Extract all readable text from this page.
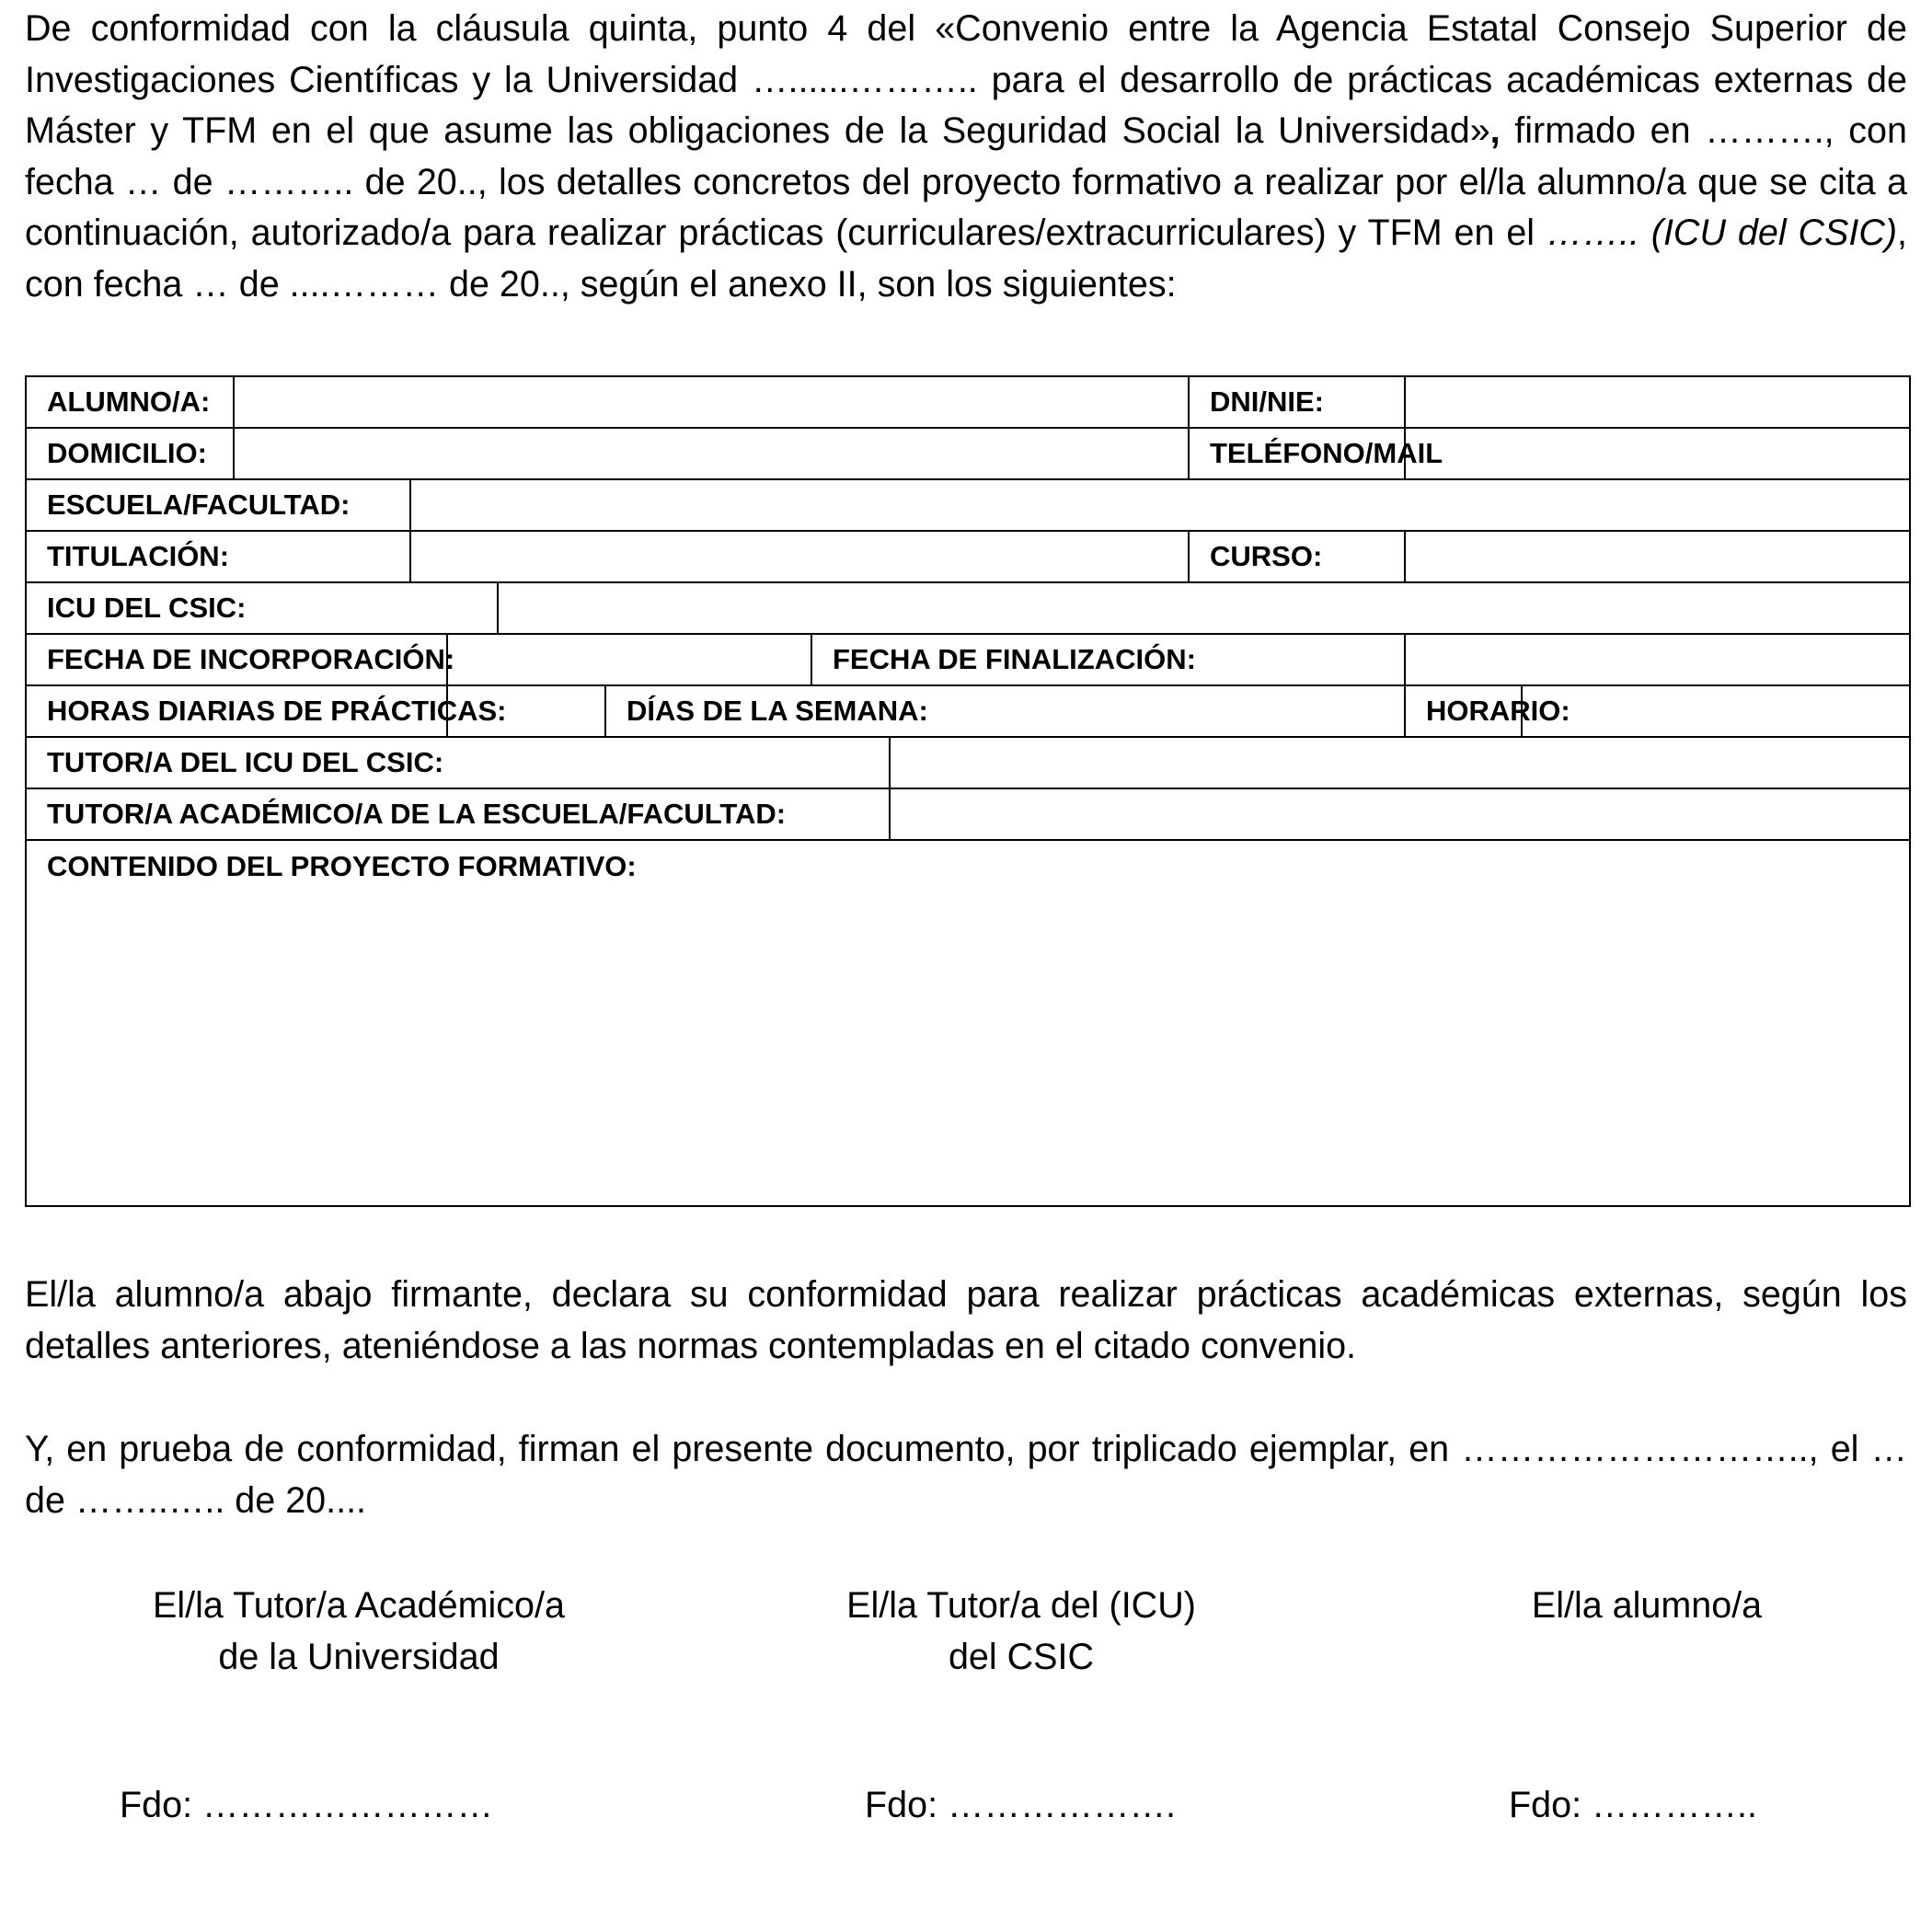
De conformidad con la cláusula quinta, punto 4 del «Convenio entre la Agencia Estatal Consejo Superior de Investigaciones Científicas y la Universidad …......……….. para el desarrollo de prácticas académicas externas de Máster y TFM en el que asume las obligaciones de la Seguridad Social la Universidad», firmado en ………., con fecha … de ……….. de 20.., los detalles concretos del proyecto formativo a realizar por el/la alumno/a que se cita a continuación, autorizado/a para realizar prácticas (curriculares/extracurriculares) y TFM en el …….. (ICU del CSIC), con fecha … de ....……… de 20.., según el anexo II, son los siguientes:

ALUMNO/A:								DNI/NIE:		
DOMICILIO:								TELÉFONO/MAIL		
ESCUELA/FACULTAD:										
TITULACIÓN:								CURSO:		
ICU DEL CSIC:										
FECHA DE INCORPORACIÓN:						FECHA DE FINALIZACIÓN:				
HORAS DIARIAS DE PRÁCTICAS:					DÍAS DE LA SEMANA:				HORARIO:	
TUTOR/A DEL ICU DEL CSIC:										
TUTOR/A ACADÉMICO/A DE LA ESCUELA/FACULTAD:										
CONTENIDO DEL PROYECTO FORMATIVO:										

El/la alumno/a abajo firmante, declara su conformidad para realizar prácticas académicas externas, según los detalles anteriores, ateniéndose a las normas contempladas en el citado convenio.

Y, en prueba de conformidad, firman el presente documento, por triplicado ejemplar, en ……………………….., el … de ……..….. de 20....

El/la Tutor/a Académico/a
de la Universidad
El/la Tutor/a del (ICU)
del CSIC
El/la alumno/a
Fdo: ……………………	Fdo: ……………….	Fdo: …………..
